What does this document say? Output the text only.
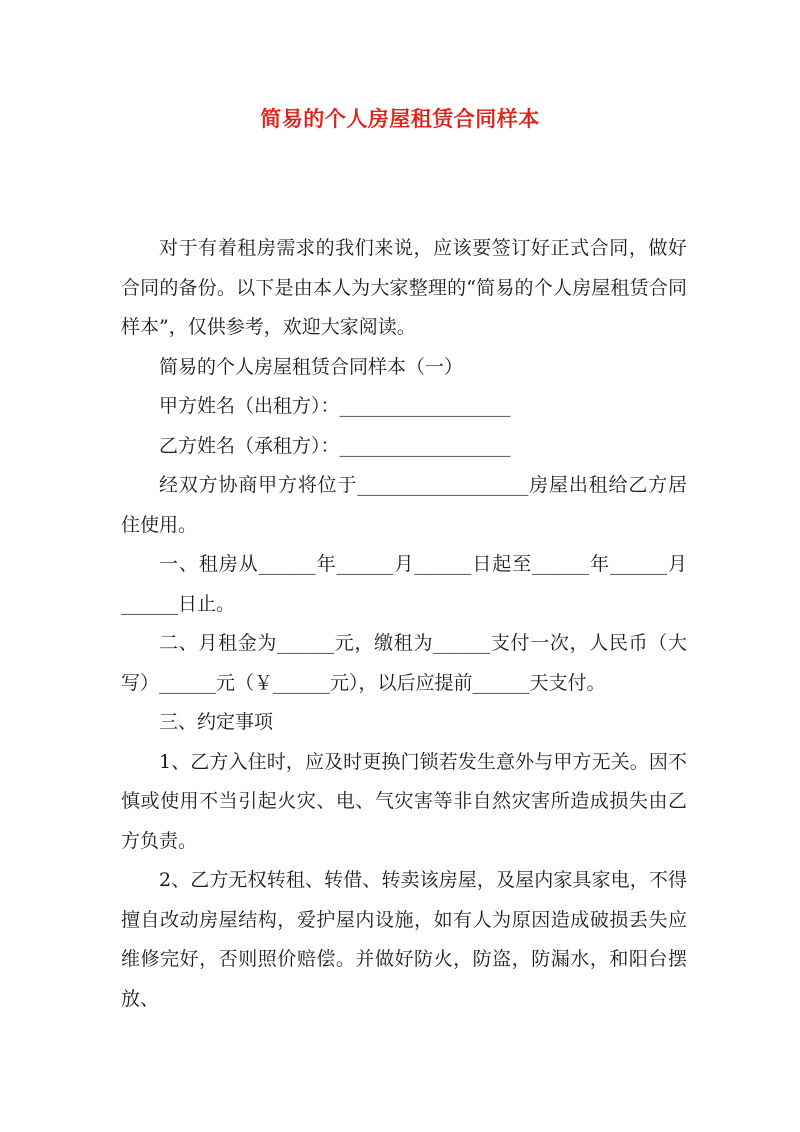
简易的个人房屋租赁合同样本

对于有着租房需求的我们来说，应该要签订好正式合同，做好合同的备份。以下是由本人为大家整理的“简易的个人房屋租赁合同样本”，仅供参考，欢迎大家阅读。

简易的个人房屋租赁合同样本（一）

甲方姓名（出租方）：__________________

乙方姓名（承租方）：__________________

经双方协商甲方将位于__________________房屋出租给乙方居住使用。

一、租房从______年______月______日起至______年______月______日止。

二、月租金为______元，缴租为______支付一次，人民币（大写）______元（￥______元），以后应提前______天支付。

三、约定事项

1、乙方入住时，应及时更换门锁若发生意外与甲方无关。因不慎或使用不当引起火灾、电、气灾害等非自然灾害所造成损失由乙方负责。

2、乙方无权转租、转借、转卖该房屋，及屋内家具家电，不得擅自改动房屋结构，爱护屋内设施，如有人为原因造成破损丢失应维修完好，否则照价赔偿。并做好防火，防盗，防漏水，和阳台摆放、
